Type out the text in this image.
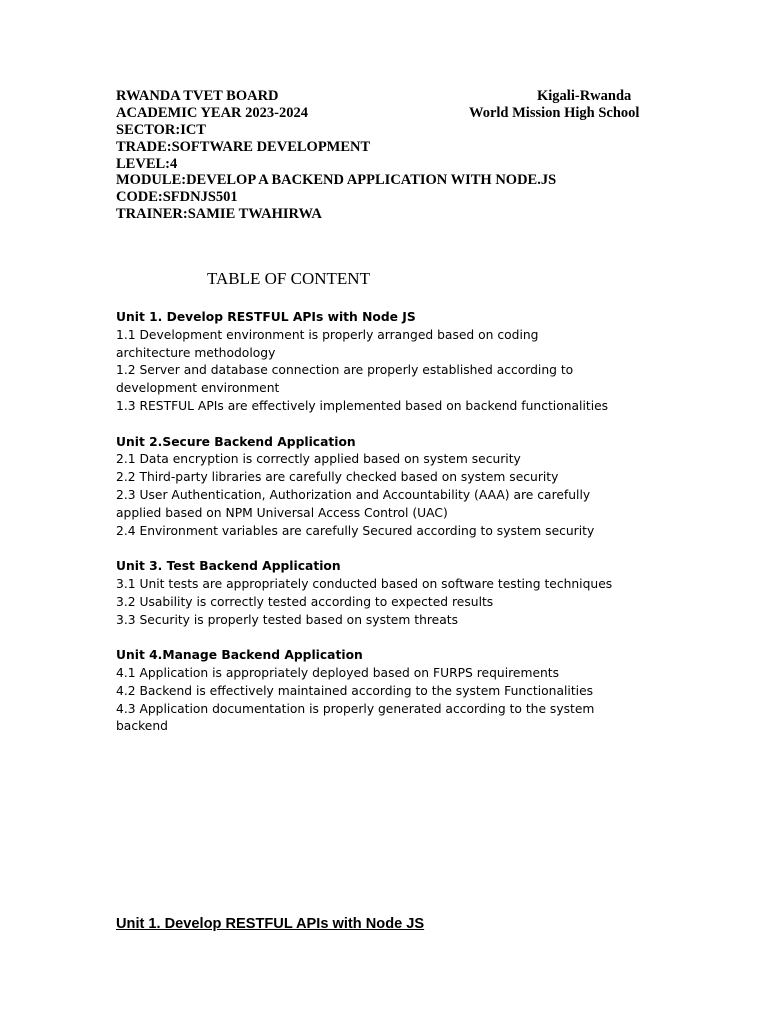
RWANDA TVET BOARD	Kigali-Rwanda
ACADEMIC YEAR 2023-2024	World Mission High School
SECTOR:ICT
TRADE:SOFTWARE DEVELOPMENT
LEVEL:4
MODULE:DEVELOP A BACKEND APPLICATION WITH NODE.JS
CODE:SFDNJS501
TRAINER:SAMIE TWAHIRWA
TABLE OF CONTENT
Unit 1. Develop RESTFUL APIs with Node JS
1.1 Development environment is properly arranged based on coding architecture methodology
1.2 Server and database connection are properly established according to development environment
1.3 RESTFUL APIs are effectively implemented based on backend functionalities
Unit 2.Secure Backend Application
2.1 Data encryption is correctly applied based on system security
2.2 Third-party libraries are carefully checked based on system security
2.3 User Authentication, Authorization and Accountability (AAA) are carefully applied based on NPM Universal Access Control (UAC)
2.4 Environment variables are carefully Secured according to system security
Unit 3. Test Backend Application
3.1 Unit tests are appropriately conducted based on software testing techniques
3.2 Usability is correctly tested according to expected results
3.3 Security is properly tested based on system threats
Unit 4.Manage Backend Application
4.1 Application is appropriately deployed based on FURPS requirements
4.2 Backend is effectively maintained according to the system Functionalities
4.3 Application documentation is properly generated according to the system backend
Unit 1. Develop RESTFUL APIs with Node JS
